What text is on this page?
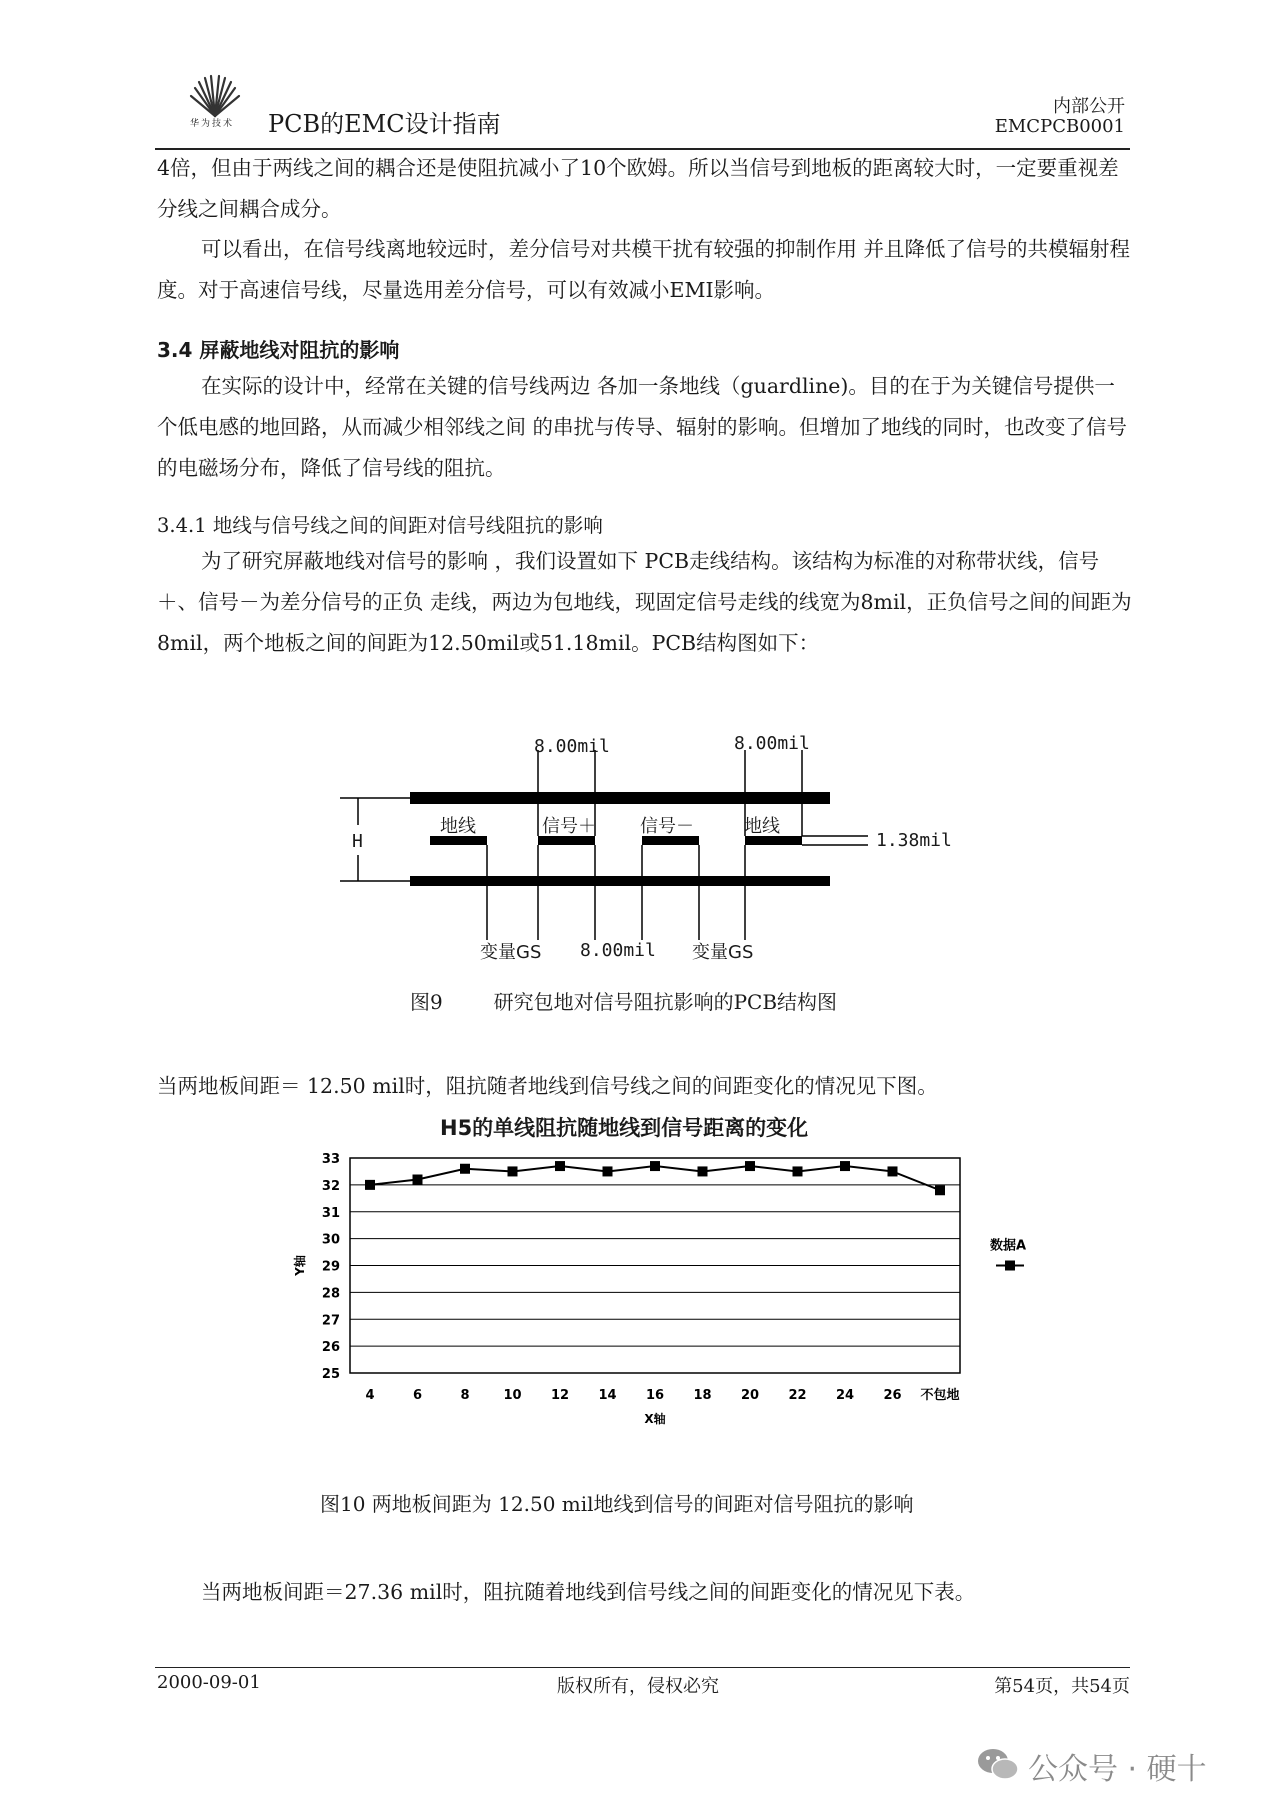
华为技术 PCB的EMC设计指南
内部公开
EMCPCB0001
4倍，但由于两线之间的耦合还是使阻抗减小了10个欧姆。所以当信号到地板的距离较大时，一定要重视差分线之间耦合成分。
可以看出，在信号线离地较远时，差分信号对共模干扰有较强的抑制作用 并且降低了信号的共模辐射程度。对于高速信号线，尽量选用差分信号，可以有效减小EMI影响。
3.4 屏蔽地线对阻抗的影响
在实际的设计中，经常在关键的信号线两边 各加一条地线（guardline)。目的在于为关键信号提供一个低电感的地回路，从而减少相邻线之间 的串扰与传导、辐射的影响。但增加了地线的同时，也改变了信号的电磁场分布，降低了信号线的阻抗。
3.4.1 地线与信号线之间的间距对信号线阻抗的影响
为了研究屏蔽地线对信号的影响 ，我们设置如下 PCB走线结构。该结构为标准的对称带状线，信号＋、信号－为差分信号的正负 走线，两边为包地线，现固定信号走线的线宽为8mil，正负信号之间的间距为8mil，两个地板之间的间距为12.50mil或51.18mil。PCB结构图如下：
8.00mil	8.00mil
H
地线	信号＋ 信号－	地线
1.38mil
变量GS 8.00mil 变量GS
图9        研究包地对信号阻抗影响的PCB结构图
当两地板间距＝ 12.50 mil时，阻抗随者地线到信号线之间的间距变化的情况见下图。
H5的单线阻抗随地线到信号距离的变化
25
26
27
28
29
30
31
32
33
4	6	8	10 12 14 16 18 20 22 24 26 不包地
X轴
Y轴
数据A
图10 两地板间距为 12.50 mil地线到信号的间距对信号阻抗的影响
当两地板间距＝27.36 mil时，阻抗随着地线到信号线之间的间距变化的情况见下表。
2000-09-01	版权所有，侵权必究	第54页，共54页
公众号 · 硬十
